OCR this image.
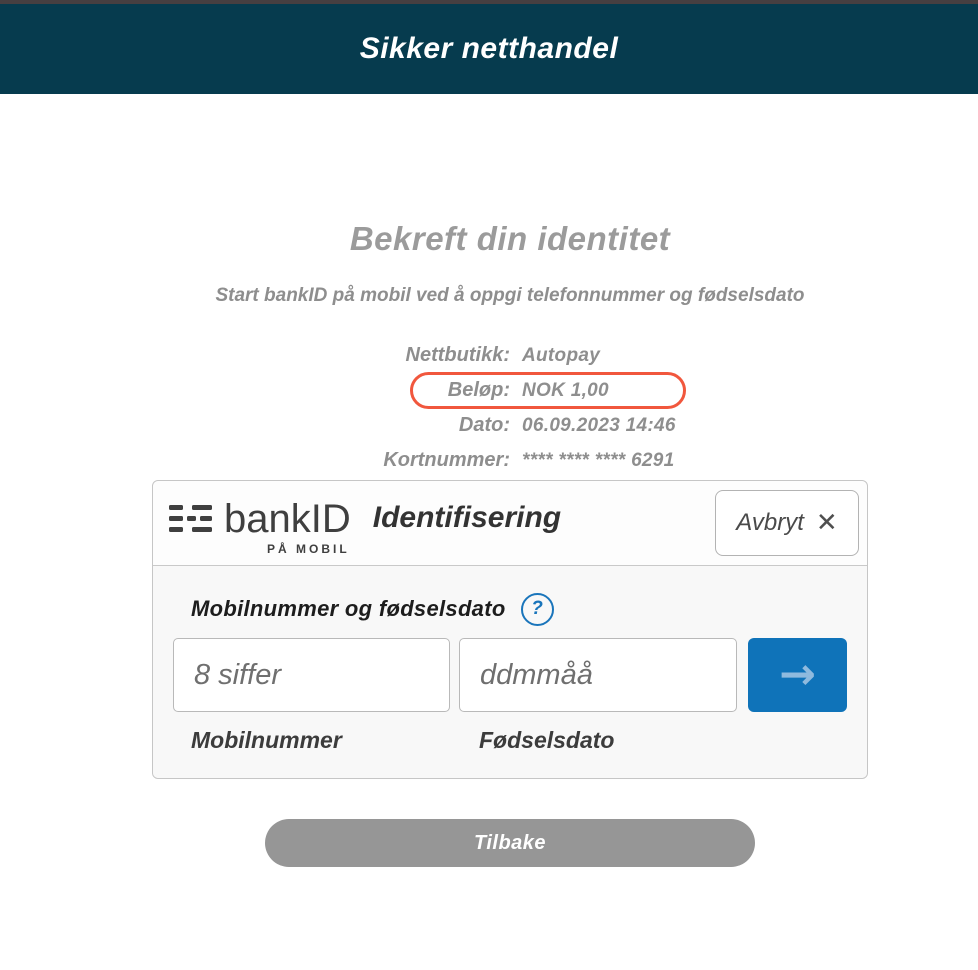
Sikker netthandel
Bekreft din identitet
Start bankID på mobil ved å oppgi telefonnummer og fødselsdato
Nettbutikk: Autopay
Beløp: NOK 1,00
Dato: 06.09.2023 14:46
Kortnummer: **** **** **** 6291
bankID
PÅ MOBIL
Identifisering	Avbryt ✕
Mobilnummer og fødselsdato	?
8 siffer
ddmmåå
→
Mobilnummer	Fødselsdato
Tilbake
